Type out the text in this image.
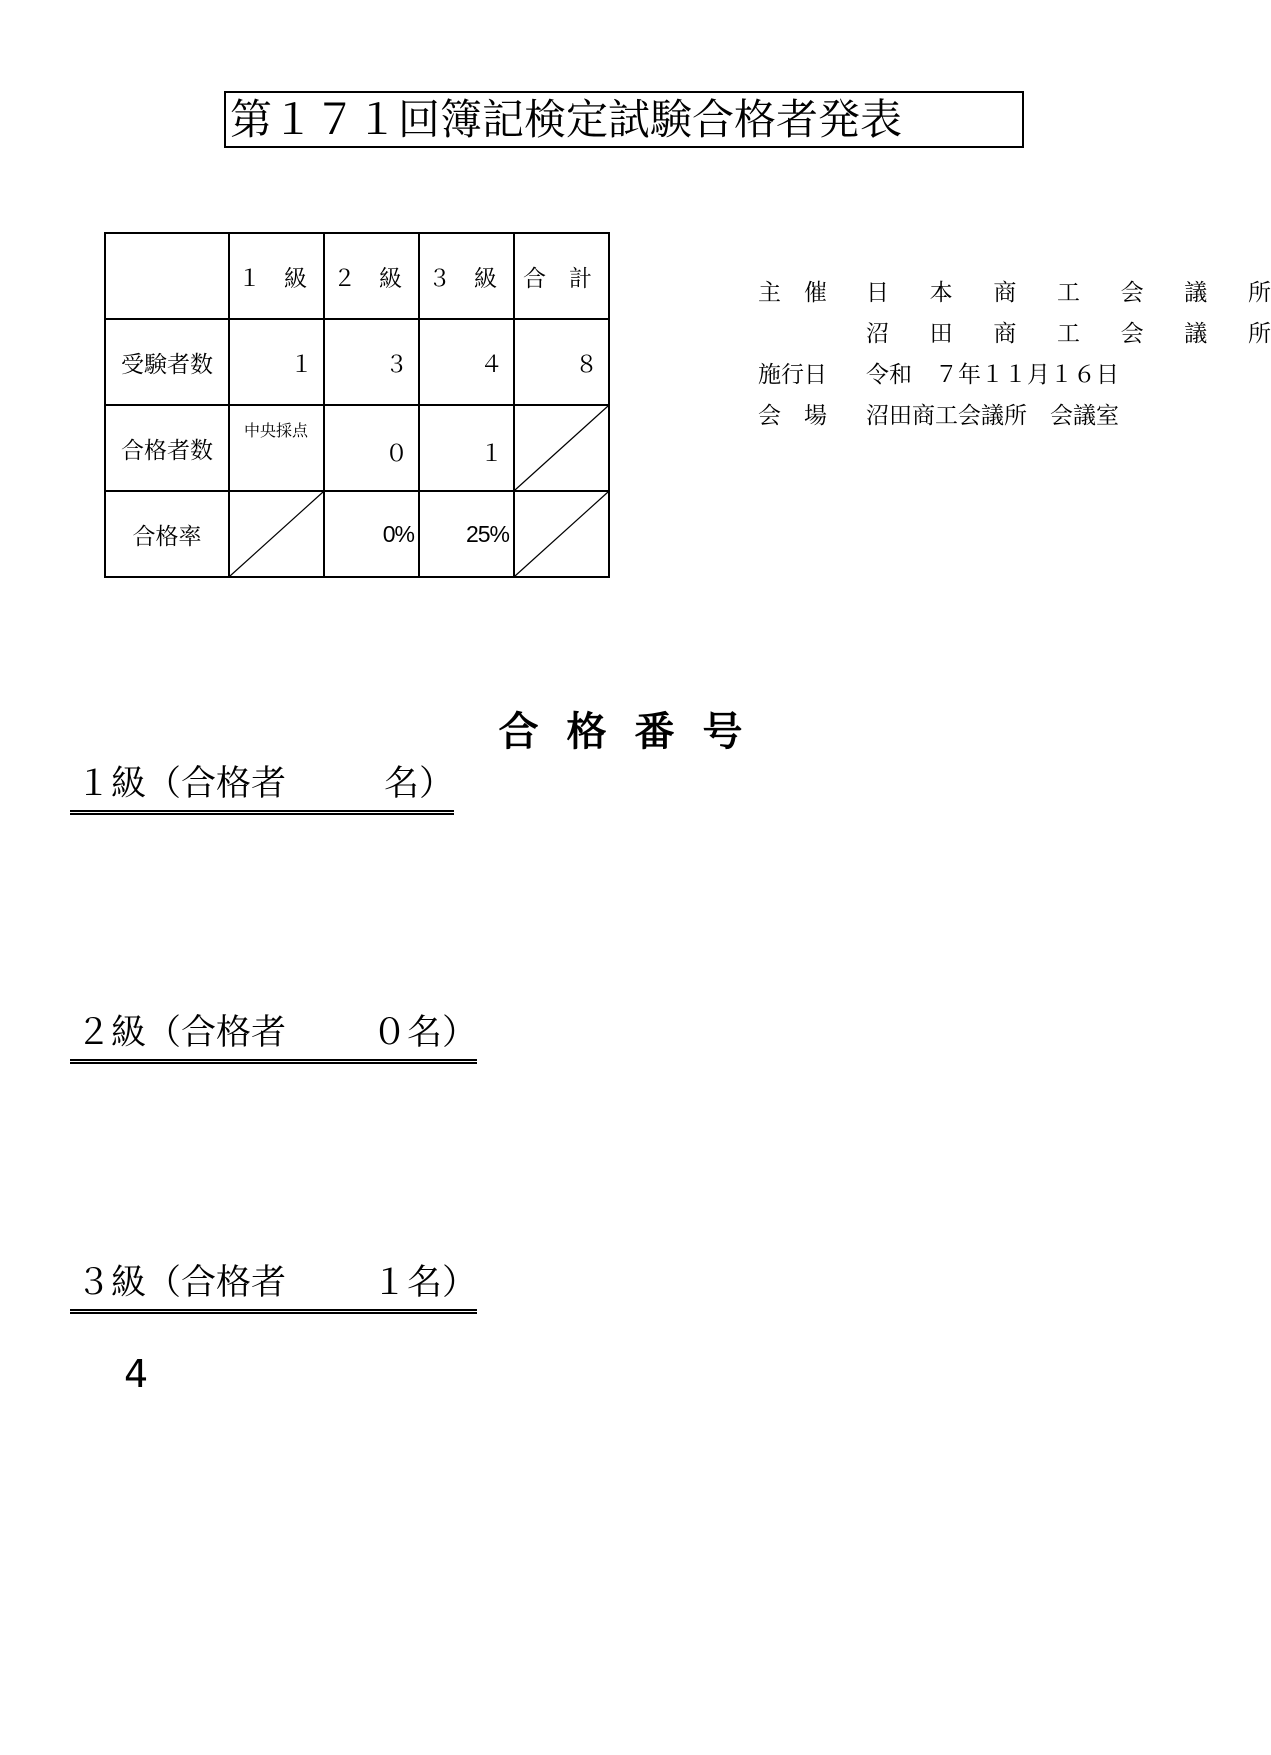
第１７１回簿記検定試験合格者発表
	１　級	２　級	３　級	合　計
受験者数	１	３	４	８
合格者数	中央採点	０	１	

合格率		0%	25%	
主　催	日 本 商 工 会 議 所
沼 田 商 工 会 議 所
施行日	令和　７年１１月１６日
会　場	沼田商工会議所　会議室
合格番号
１級（合格者	名）
２級（合格者 ０名）
３級（合格者 １名）
4
